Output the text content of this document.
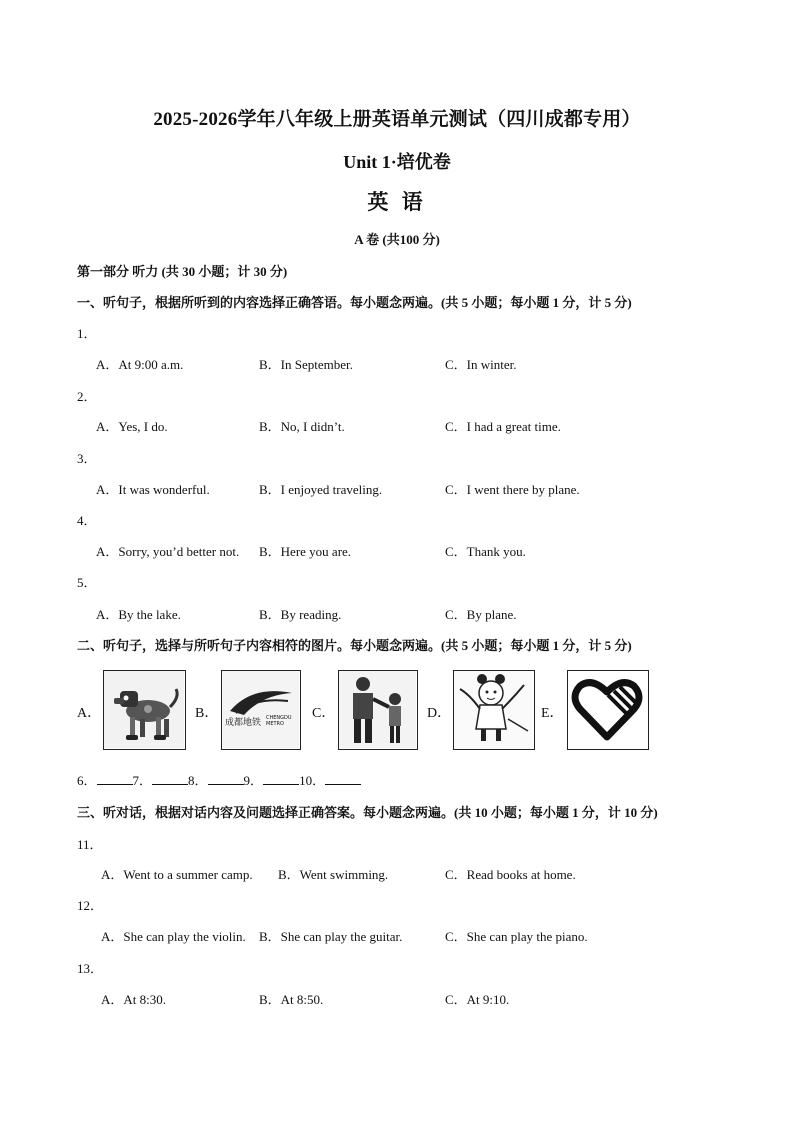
2025-2026学年八年级上册英语单元测试（四川成都专用）
Unit 1·培优卷
英 语
A 卷 (共100 分)
第一部分 听力 (共 30 小题；计 30 分)
一、听句子，根据所听到的内容选择正确答语。每小题念两遍。(共 5 小题；每小题 1 分，计 5 分)
1．
A．At 9:00 a.m.	B．In September.	C．In winter.
2．
A．Yes, I do.	B．No, I didn’t.	C．I had a great time.
3．
A．It was wonderful.	B．I enjoyed traveling.	C．I went there by plane.
4．
A．Sorry, you’d better not. B．Here you are.	C．Thank you.
5．
A．By the lake.	B．By reading.	C．By plane.
二、听句子，选择与所听句子内容相符的图片。每小题念两遍。(共 5 小题；每小题 1 分，计 5 分)
A．	B．
成都地铁 CHENGDU METRO
C．	D．	E．
6．	7．	8．	9．	10．
三、听对话，根据对话内容及问题选择正确答案。每小题念两遍。(共 10 小题；每小题 1 分，计 10 分)
11．
A．Went to a summer camp. B．Went swimming.	C．Read books at home.
12．
A．She can play the violin. B．She can play the guitar.	C．She can play the piano.
13．
A．At 8:30.	B．At 8:50.	C．At 9:10.
